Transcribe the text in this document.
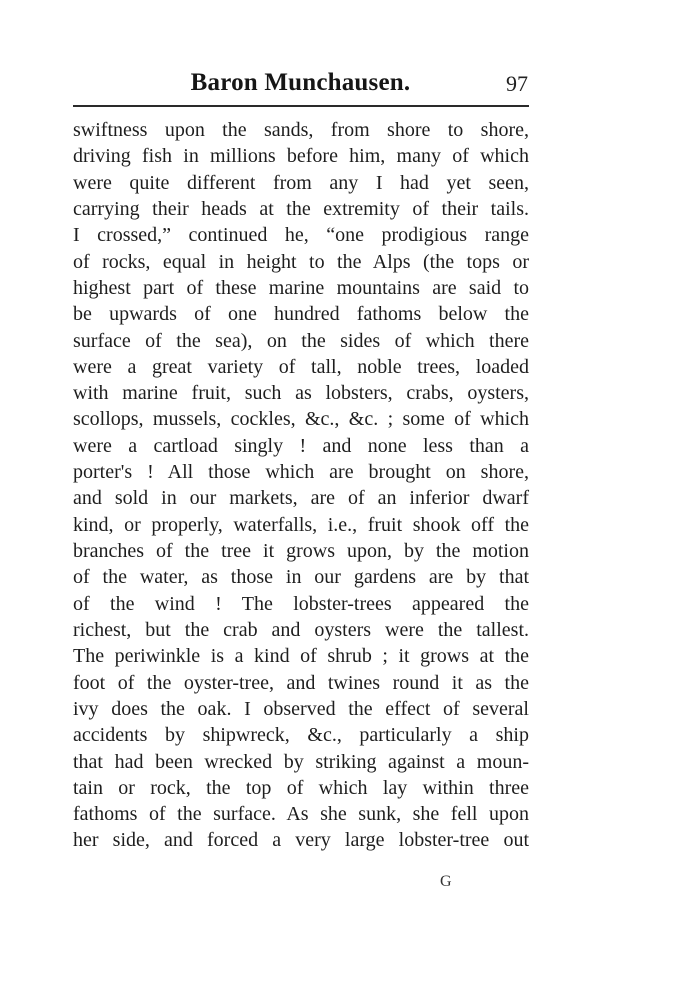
Baron Munchausen.	97
swiftness upon the sands, from shore to shore,
driving fish in millions before him, many of which
were quite different from any I had yet seen,
carrying their heads at the extremity of their tails.
I crossed,” continued he, “one prodigious range
of rocks, equal in height to the Alps (the tops or
highest part of these marine mountains are said to
be upwards of one hundred fathoms below the
surface of the sea), on the sides of which there
were a great variety of tall, noble trees, loaded
with marine fruit, such as lobsters, crabs, oysters,
scollops, mussels, cockles, &c., &c. ; some of which
were a cartload singly ! and none less than a
porter's ! All those which are brought on shore,
and sold in our markets, are of an inferior dwarf
kind, or properly, waterfalls, i.e., fruit shook off the
branches of the tree it grows upon, by the motion
of the water, as those in our gardens are by that
of the wind ! The lobster-trees appeared the
richest, but the crab and oysters were the tallest.
The periwinkle is a kind of shrub ; it grows at the
foot of the oyster-tree, and twines round it as the
ivy does the oak. I observed the effect of several
accidents by shipwreck, &c., particularly a ship
that had been wrecked by striking against a moun-
tain or rock, the top of which lay within three
fathoms of the surface. As she sunk, she fell upon
her side, and forced a very large lobster-tree out
G
